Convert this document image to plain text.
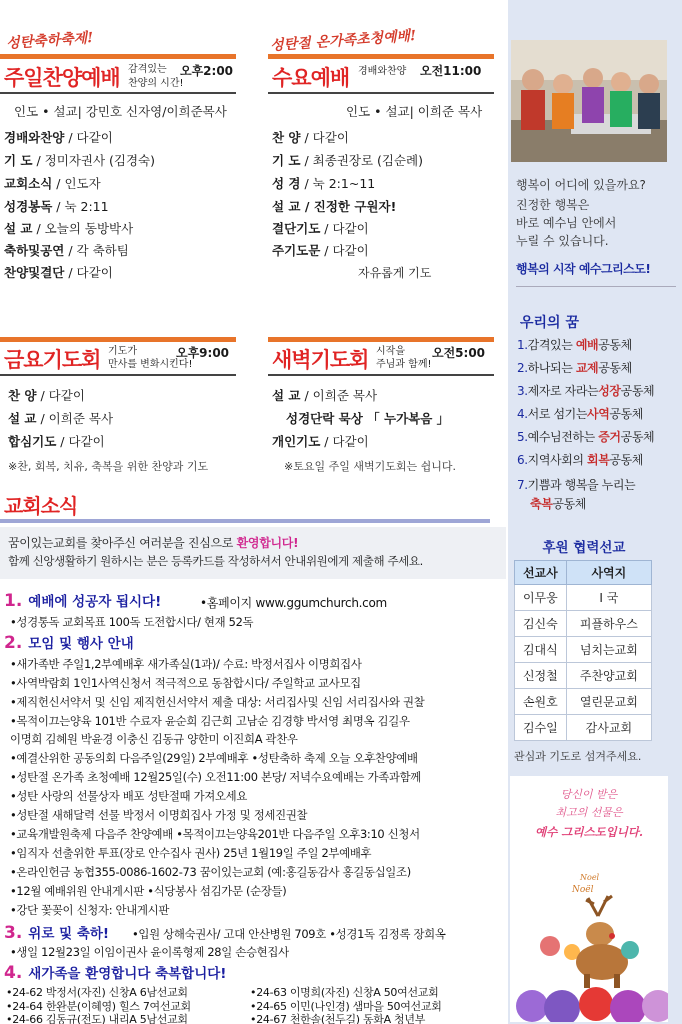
성탄축하축제!
주일찬양예배 감격있는
찬양의 시간!
오후2:00
인도 • 설교| 강민호 신자영/이희준목사
경배와찬양 / 다같이
기 도 / 정미자권사 (김경숙)
교회소식 / 인도자
성경봉독 / 눅 2:11
설 교 / 오늘의 동방박사
축하및공연 / 각 축하팀
찬양및결단 / 다같이
성탄절 온가족초청예배!
수요예배 경배와찬양 오전11:00
인도 • 설교| 이희준 목사
찬 양 / 다같이
기 도 / 최종권장로 (김순례)
성 경 / 눅 2:1~11
설 교 / 진정한 구원자!
결단기도 / 다같이
주기도문 / 다같이
자유롭게 기도
금요기도회 기도가
만사를 변화시킨다!
오후9:00
찬 양 / 다같이
설 교 / 이희준 목사
합심기도 / 다같이
※찬, 회복, 치유, 축복을 위한 찬양과 기도
새벽기도회 시작을
주님과 함께!
오전5:00
설 교 / 이희준 목사
성경단락 묵상 「 누가복음 」
개인기도 / 다같이
※토요일 주일 새벽기도회는 쉽니다.
교회소식
꿈이있는교회를 찾아주신 여러분을 진심으로 환영합니다!
함께 신앙생활하기 원하시는 분은 등록카드를 작성하셔서 안내위원에게 제출해 주세요.
1. 예배에 성공자 됩시다!	•홈페이지 www.ggumchurch.com
•성경통독 교회목표 100독 도전합시다/ 현재 52독
2. 모임 및 행사 안내
•새가족반 주일1,2부예배후 새가족실(1과)/ 수료: 박정서집사 이명희집사
•사역박람회 1인1사역신청서 적극적으로 동참합시다/ 주일학교 교사모집
•제직헌신서약서 및 신임 제직헌신서약서 제출 대상: 서리집사및 신임 서리집사와 권찰
•목적이끄는양육 101반 수료자 윤순희 김근희 고남순 김경향 박서영 최명옥 김길우
이명희 김혜원 박윤경 이충신 김동규 양한미 이진희A 곽찬우
•예결산위한 공동의회 다음주일(29일) 2부예배후 •성탄축하 축제 오늘 오후찬양예배
•성탄절 온가족 초청예배 12월25일(수) 오전11:00 본당/ 저녁수요예배는 가족과함께
•성탄 사랑의 선물상자 배포 성탄절때 가져오세요
•성탄절 새해달력 선물 박정서 이명희집사 가정 및 정세진권찰
•교육개발원축제 다음주 찬양예배 •목적이끄는양육201반 다음주일 오후3:10 신청서
•임직자 선출위한 투표(장로 안수집사 권사) 25년 1월19일 주일 2부예배후
•온라인헌금 농협355-0086-1602-73 꿈이있는교회 (예:홍길동감사 홍길동십일조)
•12월 예배위원 안내게시판 •식당봉사 섬김가문 (순장들)
•강단 꽃꽂이 신청자: 안내게시판
3. 위로 및 축하! •입원 상해숙권사/ 고대 안산병원 709호 •성경1독 김정록 장희옥
•생일 12월23일 이임이권사 윤이록형제 28일 손승현집사
4. 새가족을 환영합니다 축복합니다!
•24-62 박정서(자진) 신창A 6남선교회
•24-64 한완분(이혜영) 힐스 7여선교회
•24-66 김동규(전도) 내리A 5남선교회
•24-63 이명희(자진) 신창A 50여선교회
•24-65 이민(나인경) 샘마을 50여선교회
•24-67 천한솔(천두길) 동화A 청년부
행복이 어디에 있을까요?
진정한 행복은
바로 예수님 안에서
누릴 수 있습니다.
행복의 시작 예수그리스도!
우리의 꿈
1.감격있는 예배공동체
2.하나되는 교제공동체
3.제자로 자라는성장공동체
4.서로 섬기는사역공동체
5.예수님전하는 증거공동체
6.지역사회의 회복공동체
7.기쁨과 행복을 누리는
축복공동체
후원 협력선교
선교사	사역지
이무웅	I 국
김신숙	피플하우스
김대식	넘치는교회
신정철	주찬양교회
손원호	열린문교회
김수일	감사교회
관심과 기도로 섬겨주세요.
당신이 받은
최고의 선물은
예수 그리스도입니다.
Noel
Noël
